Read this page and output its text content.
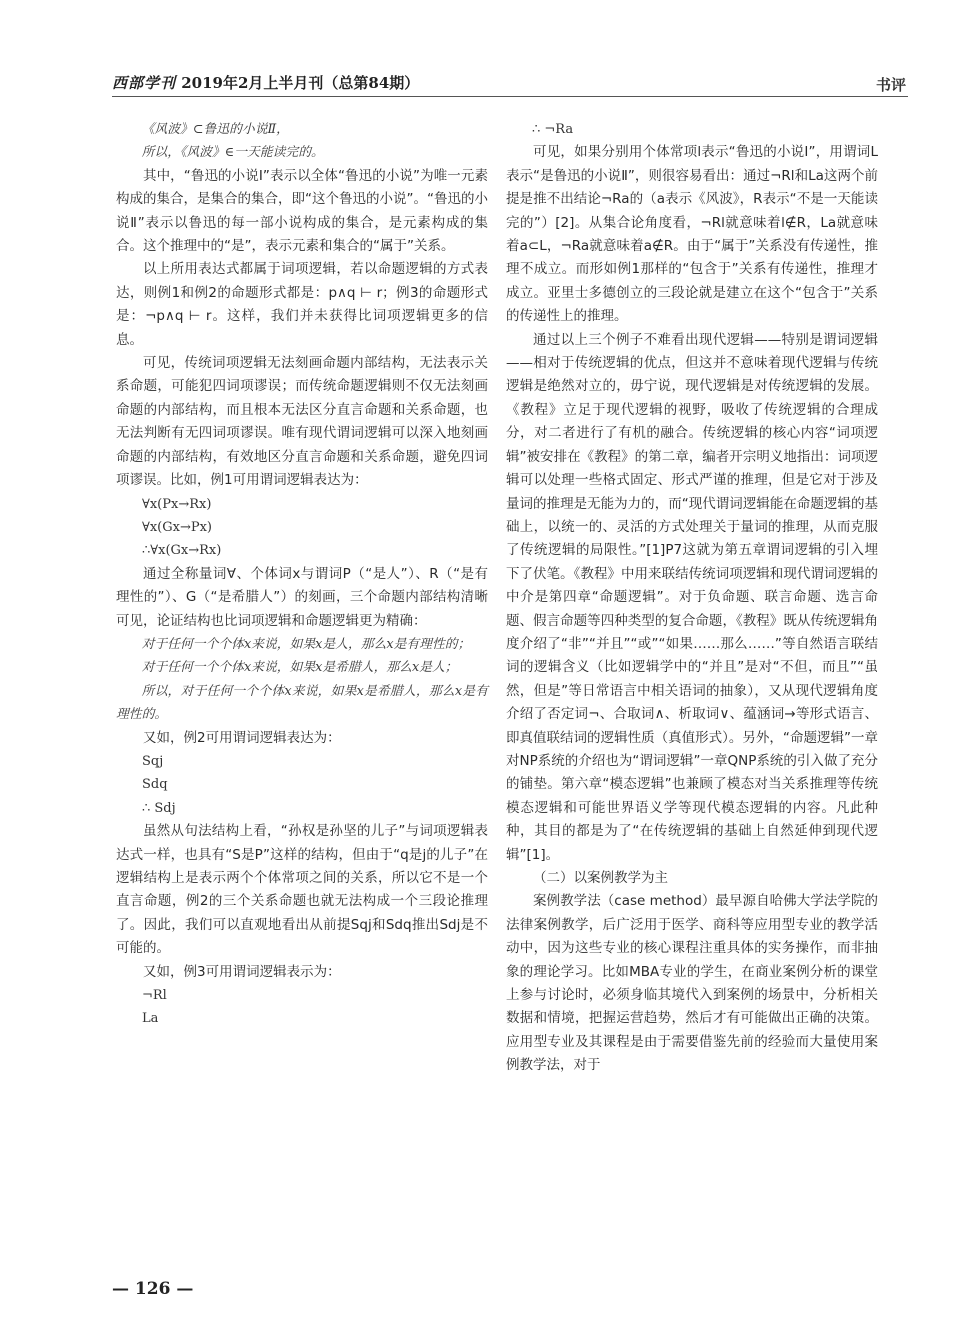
西部学刊 2019年2月上半月刊（总第84期）	书评

《风波》⊂鲁迅的小说Ⅱ，

所以，《风波》∈一天能读完的。

其中，“鲁迅的小说Ⅰ”表示以全体“鲁迅的小说”为唯一元素构成的集合，是集合的集合，即“这个鲁迅的小说”。“鲁迅的小说Ⅱ”表示以鲁迅的每一部小说构成的集合，是元素构成的集合。这个推理中的“是”，表示元素和集合的“属于”关系。

以上所用表达式都属于词项逻辑，若以命题逻辑的方式表达，则例1和例2的命题形式都是：p∧q ⊢ r；例3的命题形式是：¬p∧q ⊢ r。这样，我们并未获得比词项逻辑更多的信息。

可见，传统词项逻辑无法刻画命题内部结构，无法表示关系命题，可能犯四词项谬误；而传统命题逻辑则不仅无法刻画命题的内部结构，而且根本无法区分直言命题和关系命题，也无法判断有无四词项谬误。唯有现代谓词逻辑可以深入地刻画命题的内部结构，有效地区分直言命题和关系命题，避免四词项谬误。比如，例1可用谓词逻辑表达为：

∀x(Px→Rx)

∀x(Gx→Px)

∴∀x(Gx→Rx)

通过全称量词∀、个体词x与谓词P（“是人”）、R（“是有理性的”）、G（“是希腊人”）的刻画，三个命题内部结构清晰可见，论证结构也比词项逻辑和命题逻辑更为精确：

对于任何一个个体x来说，如果x是人，那么x是有理性的；

对于任何一个个体x来说，如果x是希腊人，那么x是人；

所以，对于任何一个个体x来说，如果x是希腊人，那么x是有理性的。

又如，例2可用谓词逻辑表达为：

Sqj

Sdq

∴ Sdj

虽然从句法结构上看，“孙权是孙坚的儿子”与词项逻辑表达式一样，也具有“S是P”这样的结构，但由于“q是j的儿子”在逻辑结构上是表示两个个体常项之间的关系，所以它不是一个直言命题，例2的三个关系命题也就无法构成一个三段论推理了。因此，我们可以直观地看出从前提Sqj和Sdq推出Sdj是不可能的。

又如，例3可用谓词逻辑表示为：

¬Rl

La

∴ ¬Ra

可见，如果分别用个体常项l表示“鲁迅的小说Ⅰ”，用谓词L表示“是鲁迅的小说Ⅱ”，则很容易看出：通过¬Rl和La这两个前提是推不出结论¬Ra的（a表示《风波》，R表示“不是一天能读完的”）[2]。从集合论角度看，¬Rl就意味着l∉R，La就意味着a⊂L，¬Ra就意味着a∉R。由于“属于”关系没有传递性，推理不成立。而形如例1那样的“包含于”关系有传递性，推理才成立。亚里士多德创立的三段论就是建立在这个“包含于”关系的传递性上的推理。

通过以上三个例子不难看出现代逻辑——特别是谓词逻辑——相对于传统逻辑的优点，但这并不意味着现代逻辑与传统逻辑是绝然对立的，毋宁说，现代逻辑是对传统逻辑的发展。《教程》立足于现代逻辑的视野，吸收了传统逻辑的合理成分，对二者进行了有机的融合。传统逻辑的核心内容“词项逻辑”被安排在《教程》的第二章，编者开宗明义地指出：词项逻辑可以处理一些格式固定、形式严谨的推理，但是它对于涉及量词的推理是无能为力的，而“现代谓词逻辑能在命题逻辑的基础上，以统一的、灵活的方式处理关于量词的推理，从而克服了传统逻辑的局限性。”[1]P7这就为第五章谓词逻辑的引入埋下了伏笔。《教程》中用来联结传统词项逻辑和现代谓词逻辑的中介是第四章“命题逻辑”。对于负命题、联言命题、选言命题、假言命题等四种类型的复合命题，《教程》既从传统逻辑角度介绍了“非”“并且”“或”“如果……那么……”等自然语言联结词的逻辑含义（比如逻辑学中的“并且”是对“不但，而且”“虽然，但是”等日常语言中相关语词的抽象），又从现代逻辑角度介绍了否定词¬、合取词∧、析取词∨、蕴涵词→等形式语言、即真值联结词的逻辑性质（真值形式）。另外，“命题逻辑”一章对NP系统的介绍也为“谓词逻辑”一章QNP系统的引入做了充分的铺垫。第六章“模态逻辑”也兼顾了模态对当关系推理等传统模态逻辑和可能世界语义学等现代模态逻辑的内容。凡此种种，其目的都是为了“在传统逻辑的基础上自然延伸到现代逻辑”[1]。

（二）以案例教学为主

案例教学法（case method）最早源自哈佛大学法学院的法律案例教学，后广泛用于医学、商科等应用型专业的教学活动中，因为这些专业的核心课程注重具体的实务操作，而非抽象的理论学习。比如MBA专业的学生，在商业案例分析的课堂上参与讨论时，必须身临其境代入到案例的场景中，分析相关数据和情境，把握运营趋势，然后才有可能做出正确的决策。应用型专业及其课程是由于需要借鉴先前的经验而大量使用案例教学法，对于

— 126 —
